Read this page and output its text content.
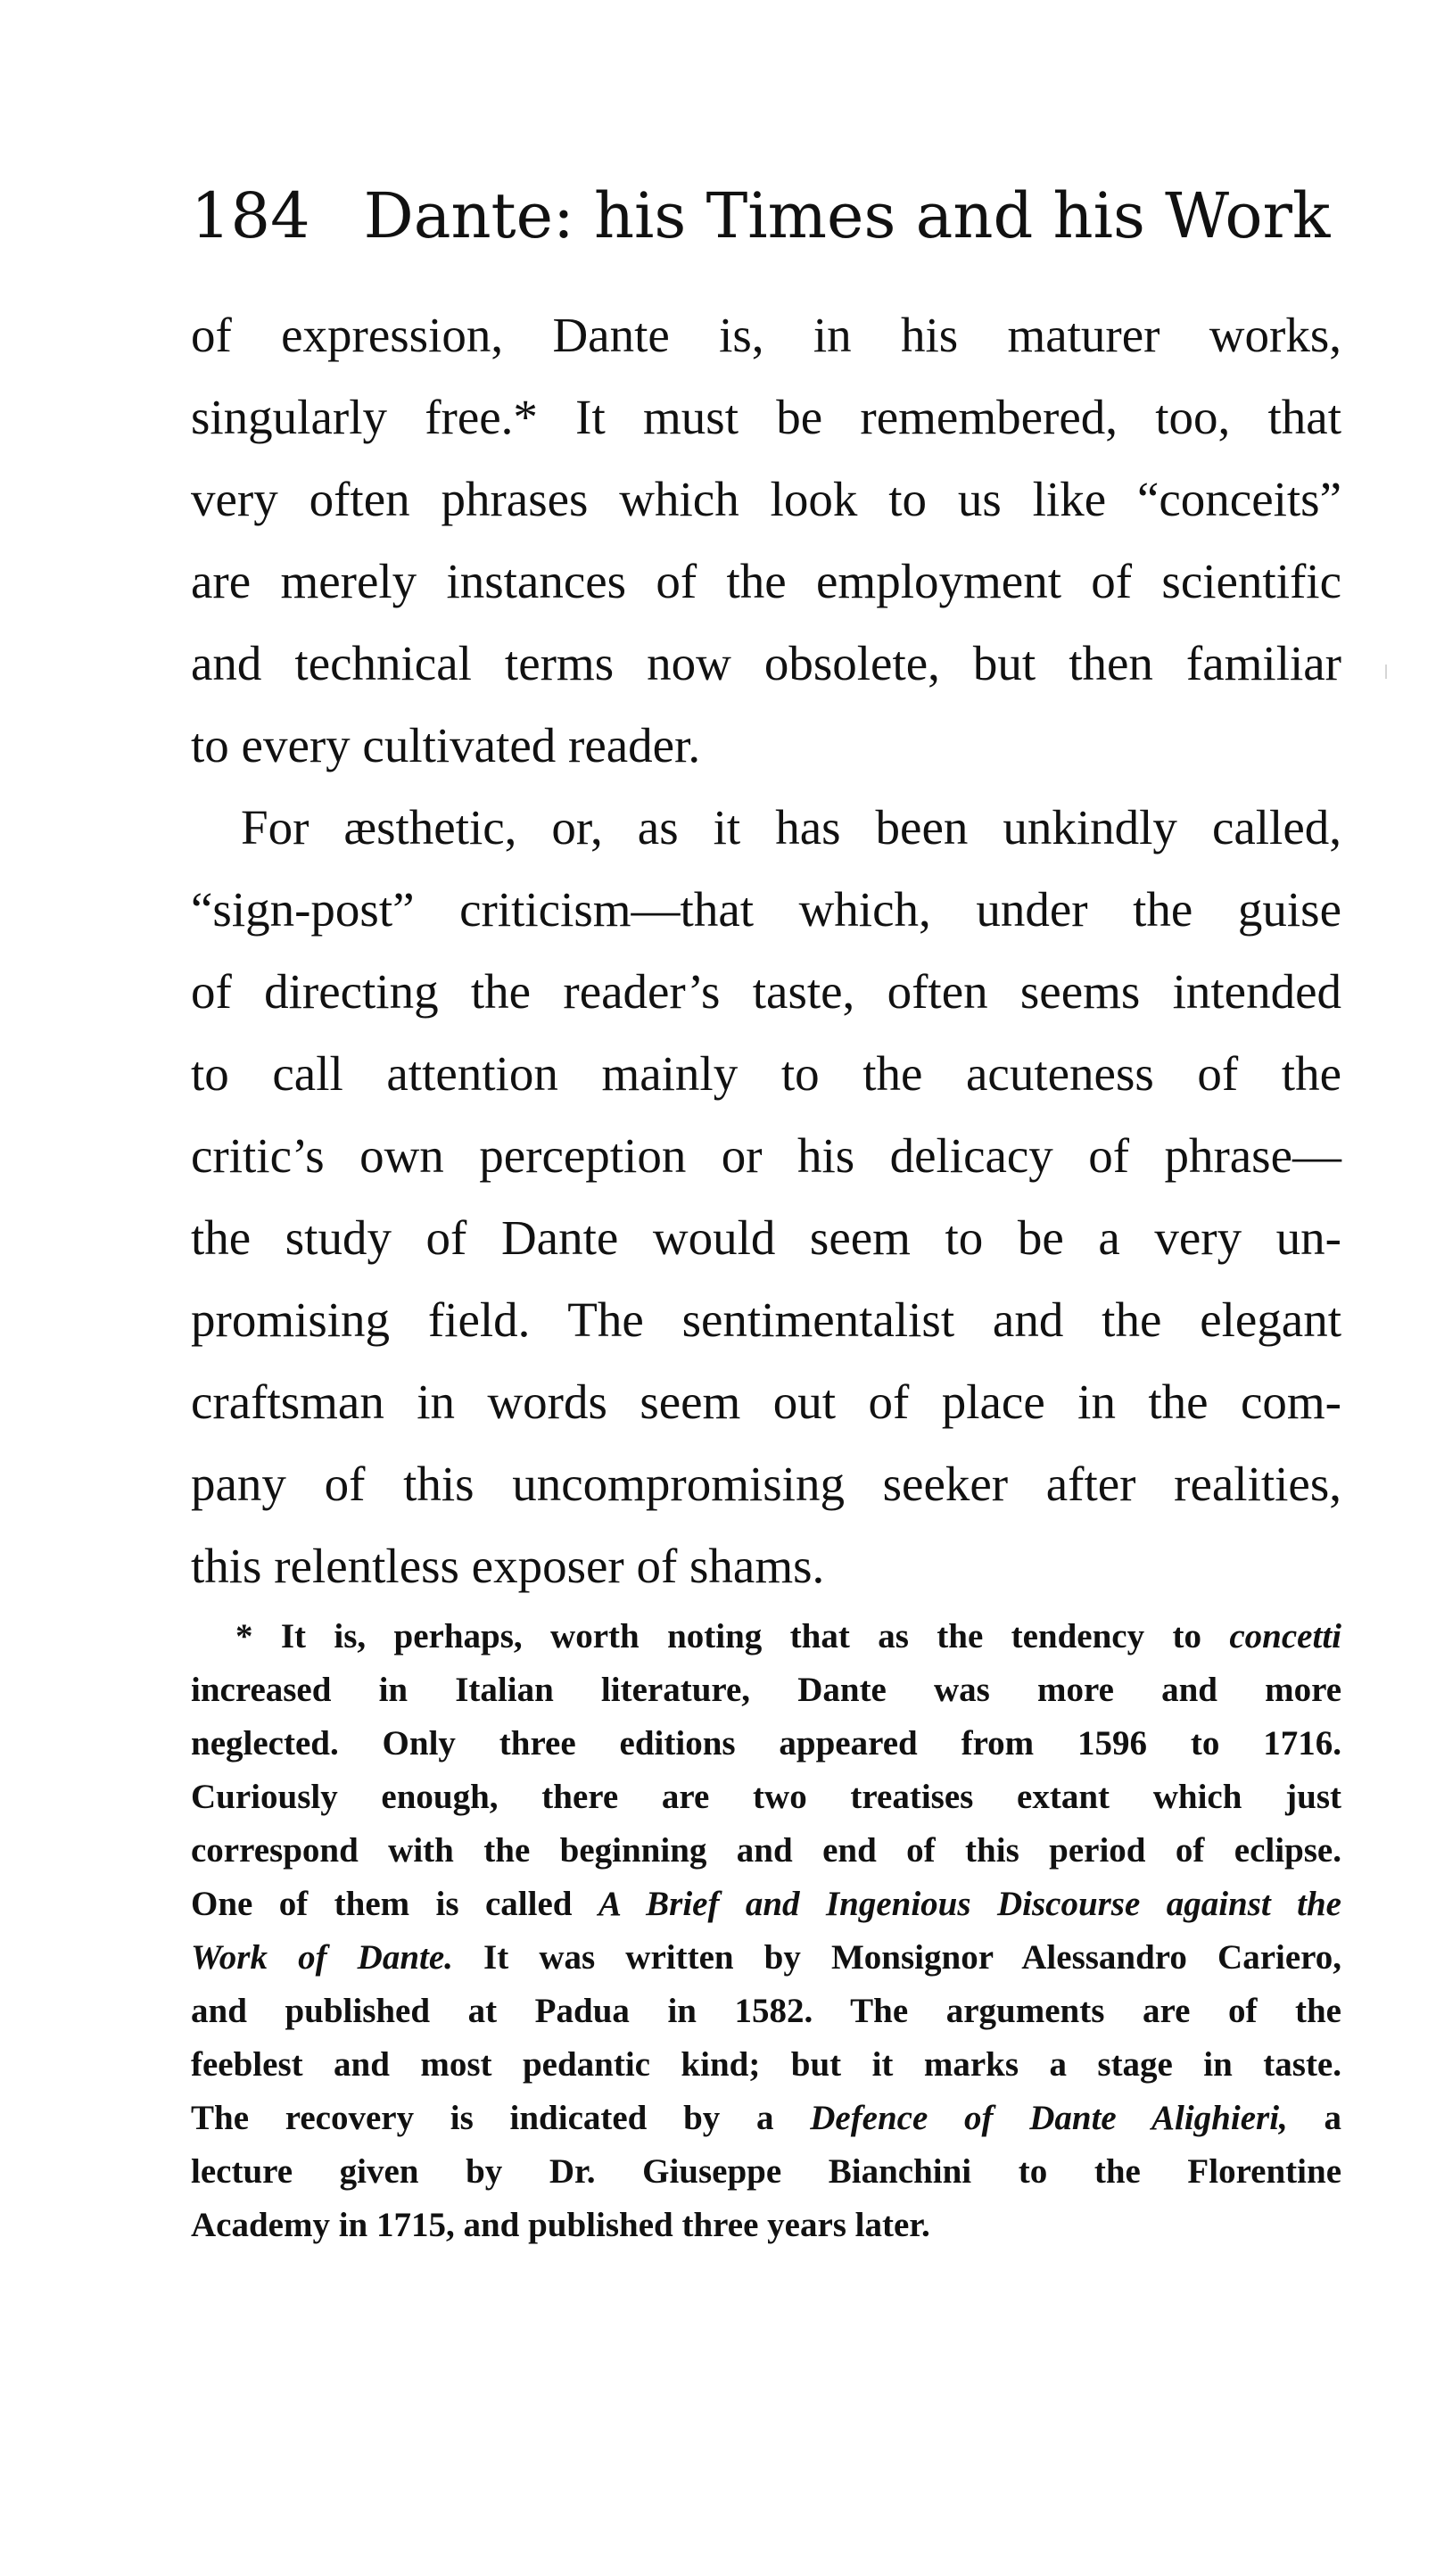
184 Dante: his Times and his Work
of expression, Dante is, in his maturer works,
singularly free.* It must be remembered, too, that
very often phrases which look to us like “conceits”
are merely instances of the employment of scientific
and technical terms now obsolete, but then familiar
to every cultivated reader.
For æsthetic, or, as it has been unkindly called,
“sign-post” criticism—that which, under the guise
of directing the reader’s taste, often seems intended
to call attention mainly to the acuteness of the
critic’s own perception or his delicacy of phrase—
the study of Dante would seem to be a very un-
promising field. The sentimentalist and the elegant
craftsman in words seem out of place in the com-
pany of this uncompromising seeker after realities,
this relentless exposer of shams.
* It is, perhaps, worth noting that as the tendency to concetti
increased in Italian literature, Dante was more and more
neglected. Only three editions appeared from 1596 to 1716.
Curiously enough, there are two treatises extant which just
correspond with the beginning and end of this period of eclipse.
One of them is called A Brief and Ingenious Discourse against the
Work of Dante. It was written by Monsignor Alessandro Cariero,
and published at Padua in 1582. The arguments are of the
feeblest and most pedantic kind; but it marks a stage in taste.
The recovery is indicated by a Defence of Dante Alighieri, a
lecture given by Dr. Giuseppe Bianchini to the Florentine
Academy in 1715, and published three years later.
